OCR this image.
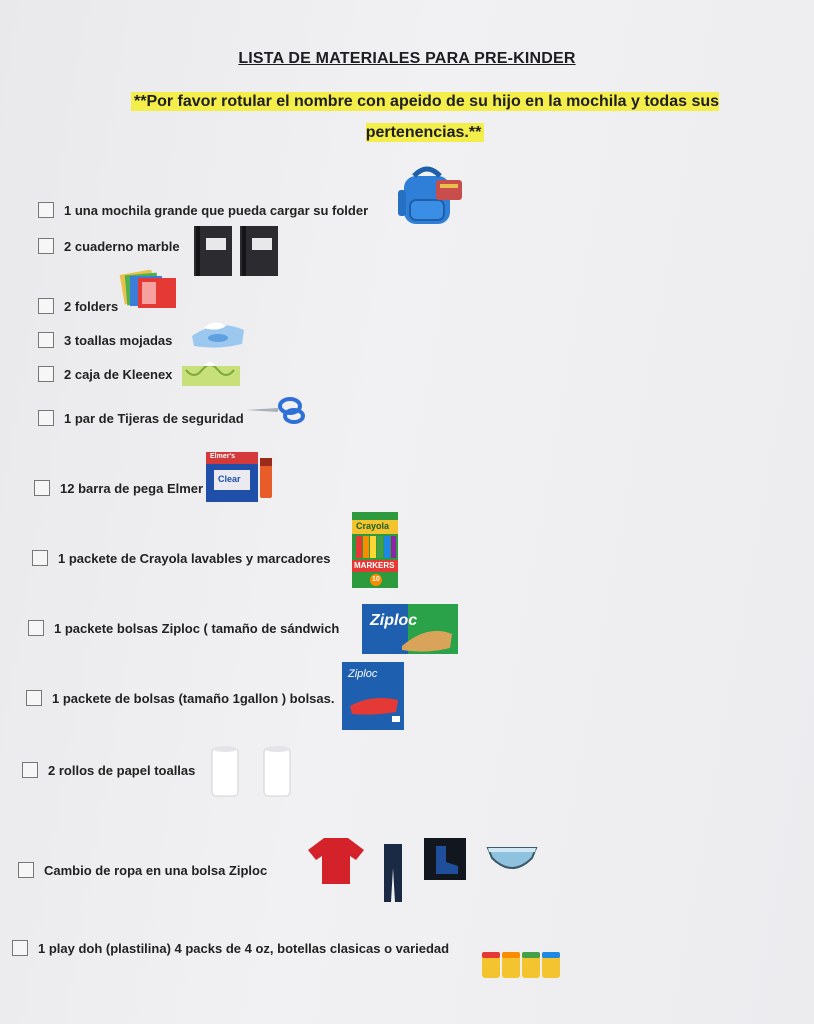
LISTA DE MATERIALES PARA PRE-KINDER
**Por favor rotular el nombre con apeido de su hijo en la mochila y todas sus pertenencias.**
1 una mochila grande que pueda cargar su folder
2 cuaderno marble
2 folders
3 toallas mojadas
2 caja de Kleenex
1 par de Tijeras de seguridad
12 barra de pega Elmer
Elmer's
Clear
1 packete de Crayola lavables y marcadores
Crayola
MARKERS
10
1 packete bolsas Ziploc ( tamaño de sándwich Ziploc
1 packete de bolsas (tamaño 1gallon ) bolsas.
Ziploc
2 rollos de papel toallas
Cambio de ropa en una bolsa Ziploc
1 play doh (plastilina) 4 packs de 4 oz, botellas clasicas o variedad
